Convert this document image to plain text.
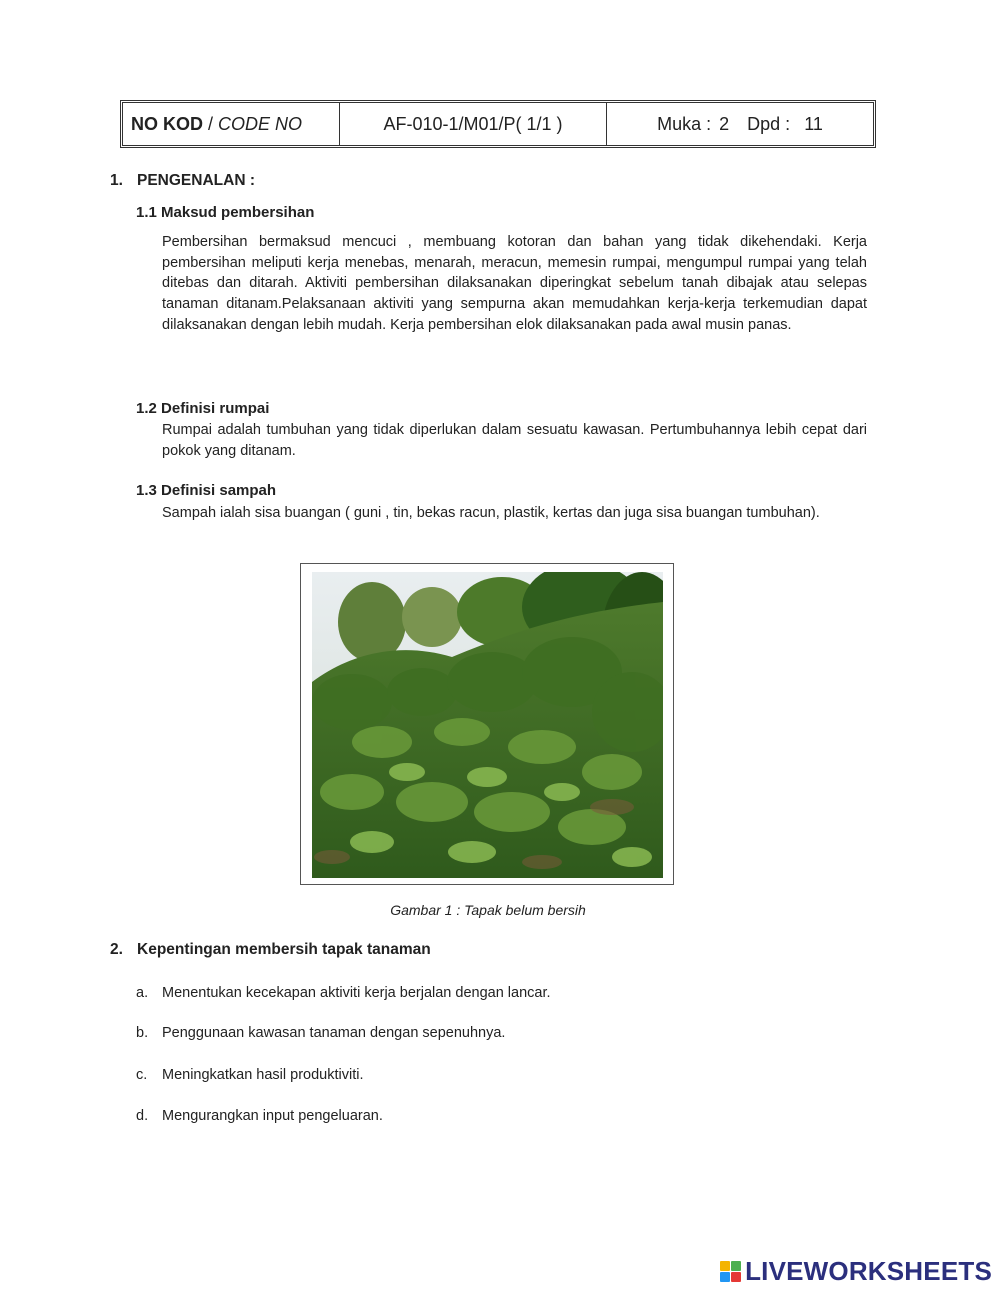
NO KOD / CODE NO	AF-010-1/M01/P( 1/1 )	Muka : 2 Dpd : 11
1. PENGENALAN :
1.1 Maksud pembersihan

Pembersihan bermaksud mencuci , membuang kotoran dan bahan yang tidak dikehendaki. Kerja pembersihan meliputi kerja menebas, menarah, meracun, memesin rumpai, mengumpul rumpai yang telah ditebas dan ditarah. Aktiviti pembersihan dilaksanakan diperingkat sebelum tanah dibajak atau selepas tanaman ditanam.Pelaksanaan aktiviti yang sempurna akan memudahkan kerja-kerja terkemudian dapat dilaksanakan dengan lebih mudah. Kerja pembersihan elok dilaksanakan pada awal musin panas.

1.2 Definisi rumpai

Rumpai adalah tumbuhan yang tidak diperlukan dalam sesuatu kawasan. Pertumbuhannya lebih cepat dari pokok yang ditanam.

1.3 Definisi sampah

Sampah ialah sisa buangan ( guni , tin, bekas racun, plastik, kertas dan juga sisa buangan tumbuhan).

Gambar 1 : Tapak belum bersih
2. Kepentingan membersih tapak tanaman
a. Menentukan kecekapan aktiviti kerja berjalan dengan lancar.
b. Penggunaan kawasan tanaman dengan sepenuhnya.
c. Meningkatkan hasil produktiviti.
d. Mengurangkan input pengeluaran.
LIVEWORKSHEETS
